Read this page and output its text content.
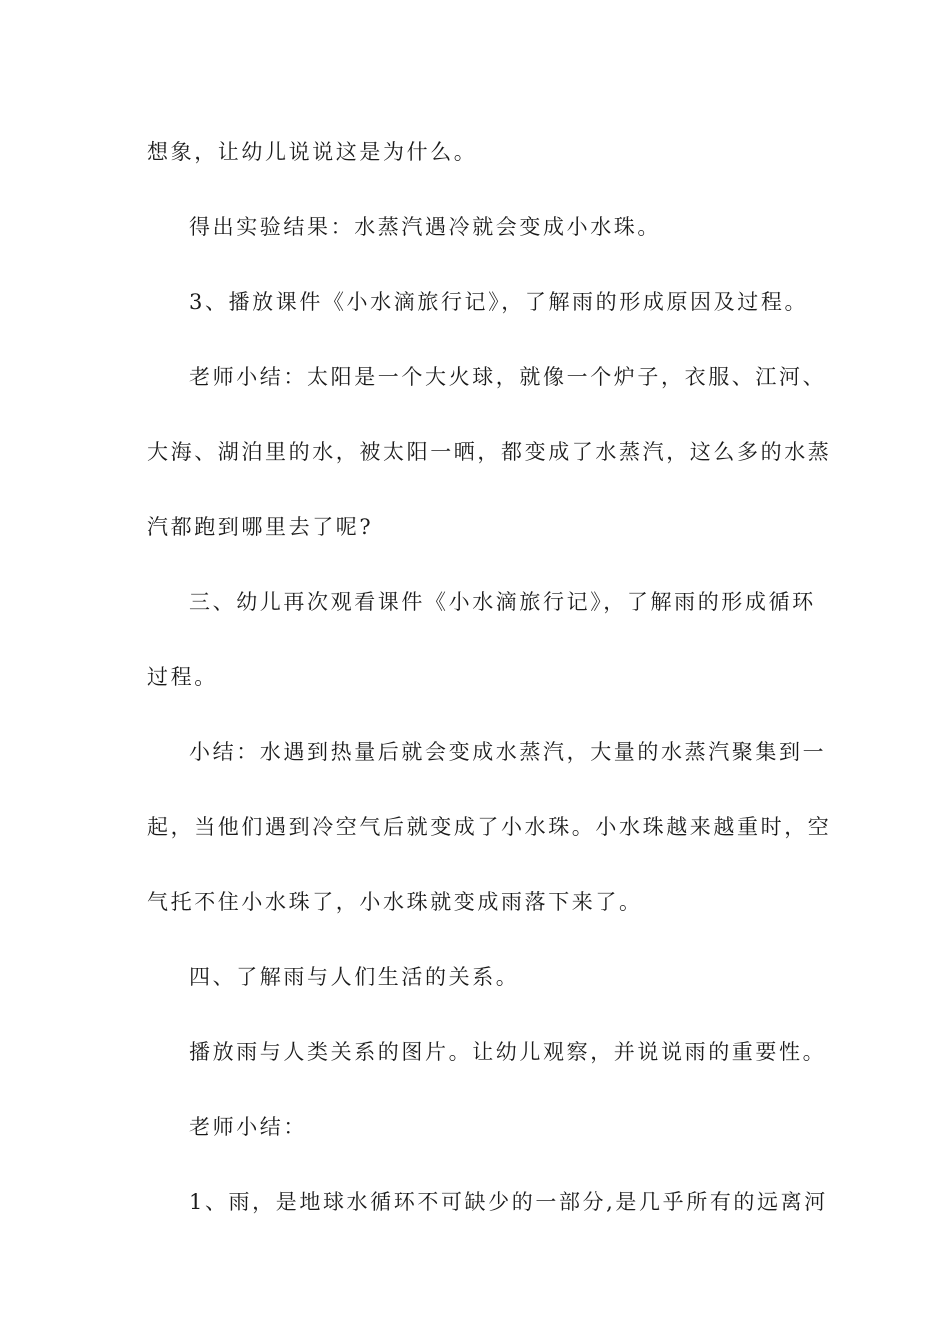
想象，让幼儿说说这是为什么。
得出实验结果：水蒸汽遇冷就会变成小水珠。
3、播放课件《小水滴旅行记》，了解雨的形成原因及过程。
老师小结：太阳是一个大火球，就像一个炉子，衣服、江河、
大海、湖泊里的水，被太阳一晒，都变成了水蒸汽，这么多的水蒸
汽都跑到哪里去了呢?
三、幼儿再次观看课件《小水滴旅行记》，了解雨的形成循环
过程。
小结：水遇到热量后就会变成水蒸汽，大量的水蒸汽聚集到一
起，当他们遇到冷空气后就变成了小水珠。小水珠越来越重时，空
气托不住小水珠了，小水珠就变成雨落下来了。
四、了解雨与人们生活的关系。
播放雨与人类关系的图片。让幼儿观察，并说说雨的重要性。
老师小结：
1、雨，是地球水循环不可缺少的一部分,是几乎所有的远离河
